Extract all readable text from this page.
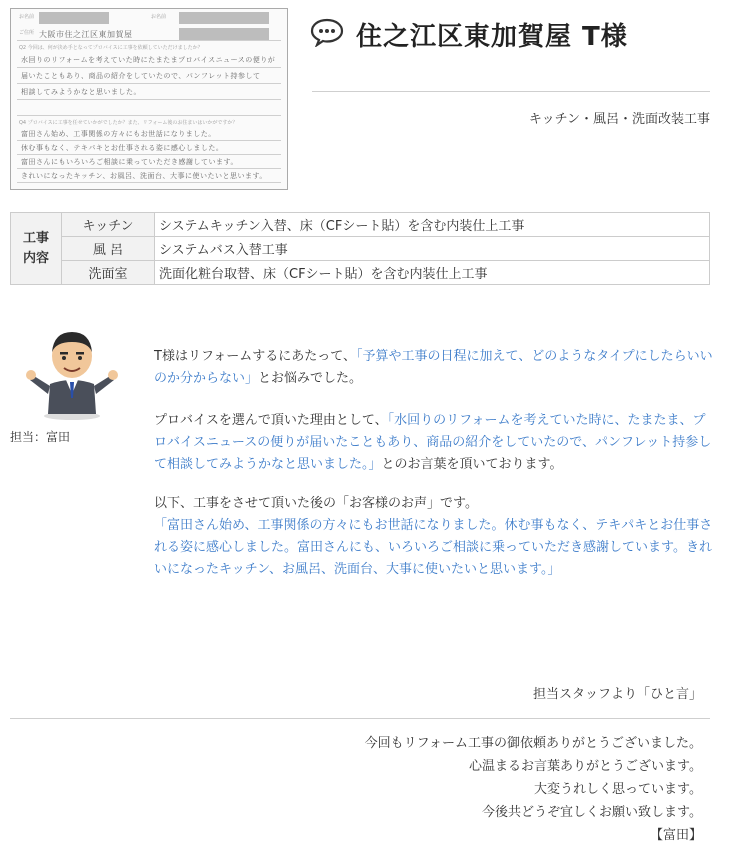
お名前	お名前
ご住所 大阪市住之江区東加賀屋
Q2 今回は、何が決め手となってプロバイスに工事を依頼していただけましたか？
水回りのリフォームを考えていた時にたまたまプロバイスニュースの便りが
届いたこともあり、商品の紹介をしていたので、パンフレット持参して
相談してみようかなと思いました。
Q4 プロバイスに工事を任せていかがでしたか？また、リフォーム後のお住まいはいかがですか？
富田さん始め、工事関係の方々にもお世話になりました。
休む事もなく、テキパキとお仕事される姿に感心しました。
富田さんにもいろいろご相談に乗っていただき感謝しています。
きれいになったキッチン、お風呂、洗面台、大事に使いたいと思います。
住之江区東加賀屋 T様
キッチン・風呂・洗面改装工事
工事
内容	キッチン	システムキッチン入替、床（CFシート貼）を含む内装仕上工事
	風 呂	システムバス入替工事
	洗面室	洗面化粧台取替、床（CFシート貼）を含む内装仕上工事
担当：富田
T様はリフォームするにあたって、「予算や工事の日程に加えて、どのようなタイプにしたらいいのか分からない」とお悩みでした。
プロバイスを選んで頂いた理由として、「水回りのリフォームを考えていた時に、たまたま、プロバイスニュースの便りが届いたこともあり、商品の紹介をしていたので、パンフレット持参して相談してみようかなと思いました。」とのお言葉を頂いております。
以下、工事をさせて頂いた後の「お客様のお声」です。
「富田さん始め、工事関係の方々にもお世話になりました。休む事もなく、テキパキとお仕事される姿に感心しました。富田さんにも、いろいろご相談に乗っていただき感謝しています。きれいになったキッチン、お風呂、洗面台、大事に使いたいと思います。」
担当スタッフより「ひと言」
今回もリフォーム工事の御依頼ありがとうございました。
心温まるお言葉ありがとうございます。
大変うれしく思っています。
今後共どうぞ宜しくお願い致します。
【富田】
